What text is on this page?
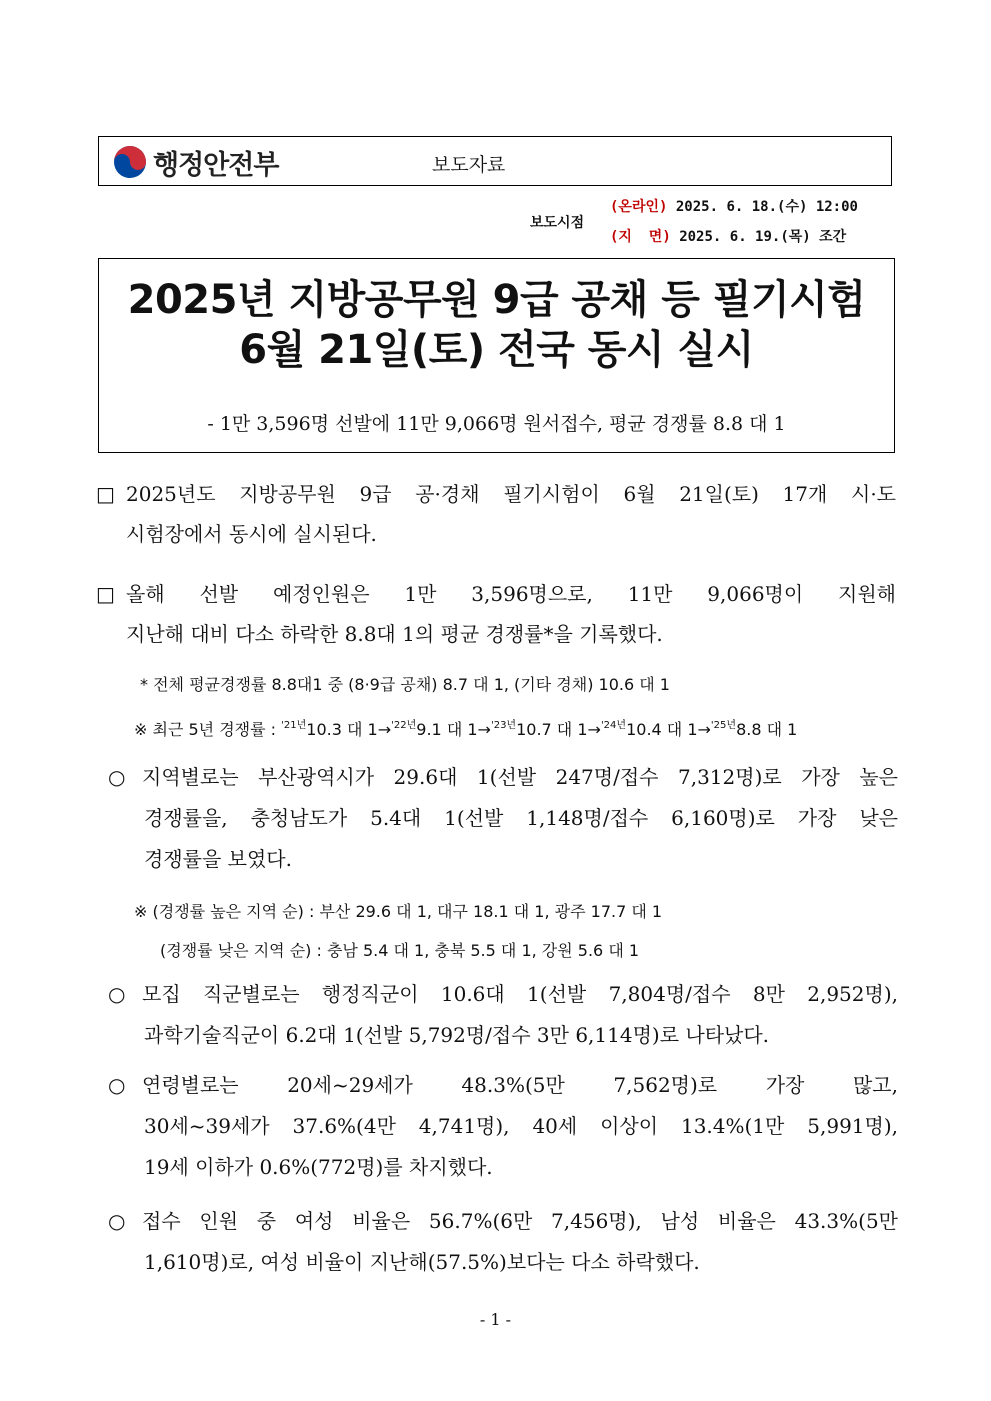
행정안전부	보도자료
보도시점
(온라인) 2025. 6. 18.(수) 12:00
(지  면) 2025. 6. 19.(목) 조간
2025년 지방공무원 9급 공채 등 필기시험
6월 21일(토) 전국 동시 실시
- 1만 3,596명 선발에 11만 9,066명 원서접수, 평균 경쟁률 8.8 대 1
□ 2025년도 지방공무원 9급 공·경채 필기시험이 6월 21일(토) 17개 시·도
시험장에서 동시에 실시된다.
□ 올해 선발 예정인원은 1만 3,596명으로, 11만 9,066명이 지원해
지난해 대비 다소 하락한 8.8대 1의 평균 경쟁률*을 기록했다.
* 전체 평균경쟁률 8.8대1 중 (8·9급 공채) 8.7 대 1, (기타 경채) 10.6 대 1
※ 최근 5년 경쟁률 : $^{'21년}$10.3 대 1→$^{'22년}$9.1 대 1→$^{'23년}$10.7 대 1→$^{'24년}$10.4 대 1→$^{'25년}$8.8 대 1
○ 지역별로는 부산광역시가 29.6대 1(선발 247명/접수 7,312명)로 가장 높은
경쟁률을, 충청남도가 5.4대 1(선발 1,148명/접수 6,160명)로 가장 낮은
경쟁률을 보였다.
※ (경쟁률 높은 지역 순) : 부산 29.6 대 1, 대구 18.1 대 1, 광주 17.7 대 1
(경쟁률 낮은 지역 순) : 충남 5.4 대 1, 충북 5.5 대 1, 강원 5.6 대 1
○ 모집 직군별로는 행정직군이 10.6대 1(선발 7,804명/접수 8만 2,952명),
과학기술직군이 6.2대 1(선발 5,792명/접수 3만 6,114명)로 나타났다.
○ 연령별로는 20세~29세가 48.3%(5만 7,562명)로 가장 많고,
30세~39세가 37.6%(4만 4,741명), 40세 이상이 13.4%(1만 5,991명),
19세 이하가 0.6%(772명)를 차지했다.
○ 접수 인원 중 여성 비율은 56.7%(6만 7,456명), 남성 비율은 43.3%(5만
1,610명)로, 여성 비율이 지난해(57.5%)보다는 다소 하락했다.
- 1 -
